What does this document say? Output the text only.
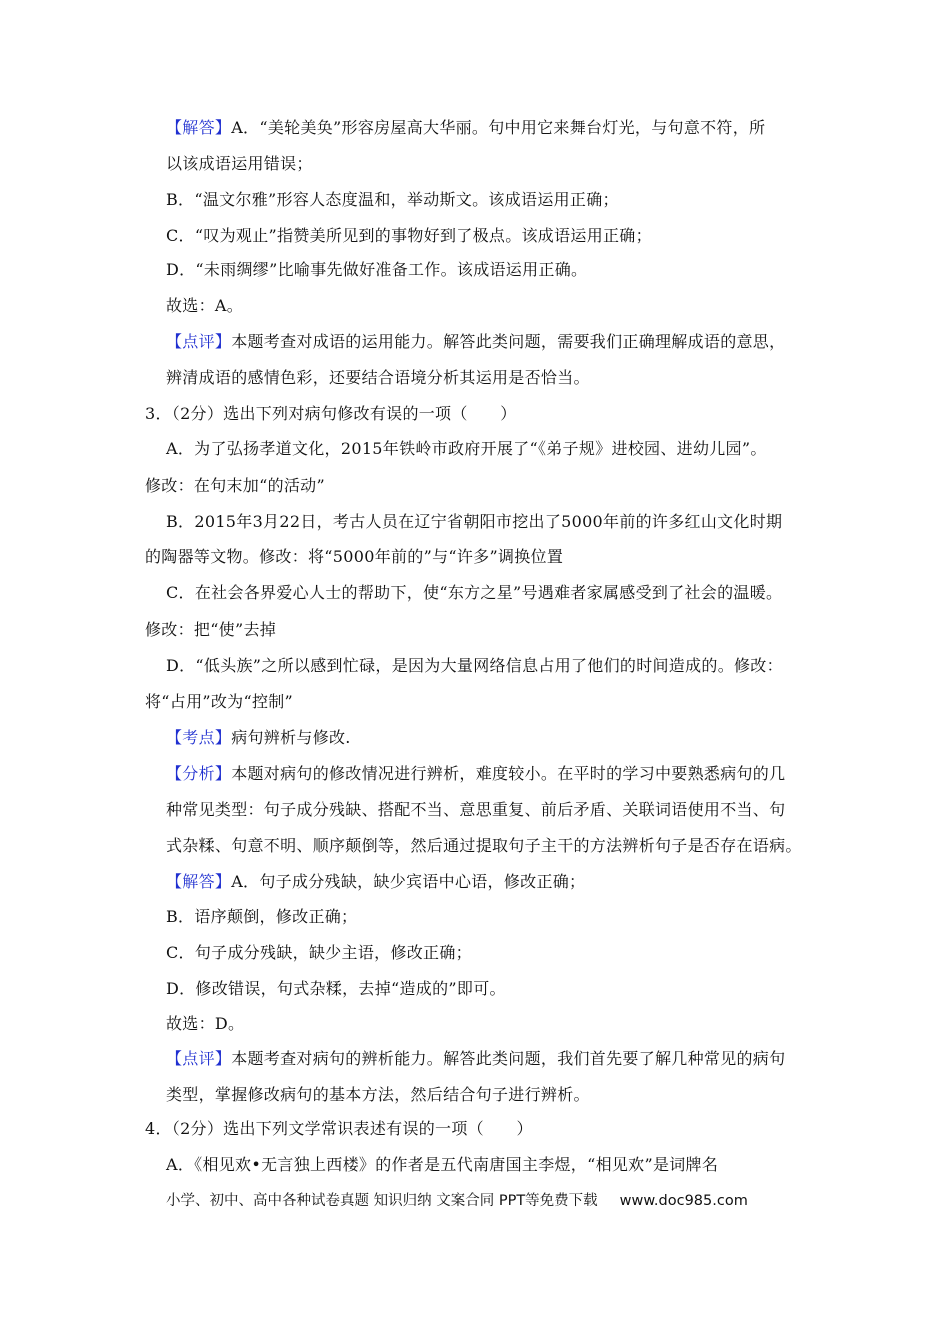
【解答】A．“美轮美奂”形容房屋高大华丽。句中用它来舞台灯光，与句意不符，所
以该成语运用错误；
B．“温文尔雅”形容人态度温和，举动斯文。该成语运用正确；
C．“叹为观止”指赞美所见到的事物好到了极点。该成语运用正确；
D．“未雨绸缪”比喻事先做好准备工作。该成语运用正确。
故选：A。
【点评】本题考查对成语的运用能力。解答此类问题，需要我们正确理解成语的意思，
辨清成语的感情色彩，还要结合语境分析其运用是否恰当。
3．（2分）选出下列对病句修改有误的一项（　　）
A．为了弘扬孝道文化，2015年铁岭市政府开展了“《弟子规》进校园、进幼儿园”。
修改：在句末加“的活动”
B．2015年3月22日，考古人员在辽宁省朝阳市挖出了5000年前的许多红山文化时期
的陶器等文物。修改：将“5000年前的”与“许多”调换位置
C．在社会各界爱心人士的帮助下，使“东方之星”号遇难者家属感受到了社会的温暖。
修改：把“使”去掉
D．“低头族”之所以感到忙碌，是因为大量网络信息占用了他们的时间造成的。修改：
将“占用”改为“控制”
【考点】病句辨析与修改.
【分析】本题对病句的修改情况进行辨析，难度较小。在平时的学习中要熟悉病句的几
种常见类型：句子成分残缺、搭配不当、意思重复、前后矛盾、关联词语使用不当、句
式杂糅、句意不明、顺序颠倒等，然后通过提取句子主干的方法辨析句子是否存在语病。
【解答】A．句子成分残缺，缺少宾语中心语，修改正确；
B．语序颠倒，修改正确；
C．句子成分残缺，缺少主语，修改正确；
D．修改错误，句式杂糅，去掉“造成的”即可。
故选：D。
【点评】本题考查对病句的辨析能力。解答此类问题，我们首先要了解几种常见的病句
类型，掌握修改病句的基本方法，然后结合句子进行辨析。
4．（2分）选出下列文学常识表述有误的一项（　　）
A．《相见欢•无言独上西楼》的作者是五代南唐国主李煜，“相见欢”是词牌名
小学、初中、高中各种试卷真题 知识归纳 文案合同 PPT等免费下载 www.doc985.com
